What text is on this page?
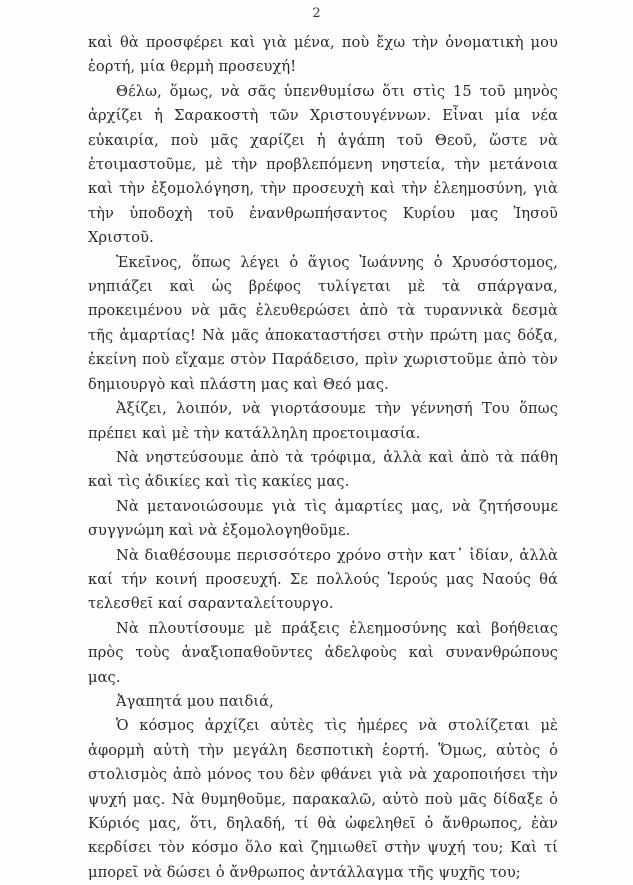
2

καὶ θὰ προσφέρει καὶ γιὰ μένα, ποὺ ἔχω τὴν ὀνοματικὴ μου ἑορτή, μία θερμὴ προσευχή!

Θέλω, ὅμως, νὰ σᾶς ὑπενθυμίσω ὅτι στὶς 15 τοῦ μηνὸς ἀρχίζει ἡ Σαρακοστὴ τῶν Χριστουγέννων. Εἶναι μία νέα εὐκαιρία, ποὺ μᾶς χαρίζει ἡ ἀγάπη τοῦ Θεοῦ, ὥστε νὰ ἑτοιμαστοῦμε, μὲ τὴν προβλεπόμενη νηστεία, τὴν μετάνοια καὶ τὴν ἐξομολόγηση, τὴν προσευχὴ καὶ τὴν ἐλεημοσύνη, γιὰ τὴν ὑποδοχὴ τοῦ ἐνανθρωπήσαντος Κυρίου μας Ἰησοῦ Χριστοῦ.

Ἐκεῖνος, ὅπως λέγει ὁ ἅγιος Ἰωάννης ὁ Χρυσόστομος, νηπιάζει καὶ ὡς βρέφος τυλίγεται μὲ τὰ σπάργανα, προκειμένου νὰ μᾶς ἐλευθερώσει ἀπὸ τὰ τυραννικὰ δεσμὰ τῆς ἁμαρτίας! Νὰ μᾶς ἀποκαταστήσει στὴν πρώτη μας δόξα, ἐκείνη ποὺ εἴχαμε στὸν Παράδεισο, πρὶν χωριστοῦμε ἀπὸ τὸν δημιουργὸ καὶ πλάστη μας καὶ Θεό μας.

Ἀξίζει, λοιπόν, νὰ γιορτάσουμε τὴν γέννησή Του ὅπως πρέπει καὶ μὲ τὴν κατάλληλη προετοιμασία.

Νὰ νηστεύσουμε ἀπὸ τὰ τρόφιμα, ἀλλὰ καὶ ἀπὸ τὰ πάθη καὶ τὶς ἀδικίες καὶ τὶς κακίες μας.

Νὰ μετανοιώσουμε γιὰ τὶς ἁμαρτίες μας, νὰ ζητήσουμε συγγνώμη καὶ νὰ ἐξομολογηθοῦμε.

Νὰ διαθέσουμε περισσότερο χρόνο στὴν κατ᾽ ἰδίαν, ἀλλὰ καί τήν κοινή προσευχή. Σε πολλούς Ἱερούς μας Ναούς θά τελεσθεῖ καί σαρανταλείτουργο.

Νὰ πλουτίσουμε μὲ πράξεις ἐλεημοσύνης καὶ βοήθειας πρὸς τοὺς ἀναξιοπαθοῦντες ἀδελφοὺς καὶ συνανθρώπους μας.

Ἀγαπητά μου παιδιά,

Ὁ κόσμος ἀρχίζει αὐτὲς τὶς ἡμέρες νὰ στολίζεται μὲ ἀφορμὴ αὐτὴ τὴν μεγάλη δεσποτικὴ ἑορτή. Ὅμως, αὐτὸς ὁ στολισμὸς ἀπὸ μόνος του δὲν φθάνει γιὰ νὰ χαροποιήσει τὴν ψυχή μας. Νὰ θυμηθοῦμε, παρακαλῶ, αὐτὸ ποὺ μᾶς δίδαξε ὁ Κύριός μας, ὅτι, δηλαδή, τί θὰ ὠφεληθεῖ ὁ ἄνθρωπος, ἐὰν κερδίσει τὸν κόσμο ὅλο καὶ ζημιωθεῖ στὴν ψυχή του; Καὶ τί μπορεῖ νὰ δώσει ὁ ἄνθρωπος ἀντάλλαγμα τῆς ψυχῆς του;
